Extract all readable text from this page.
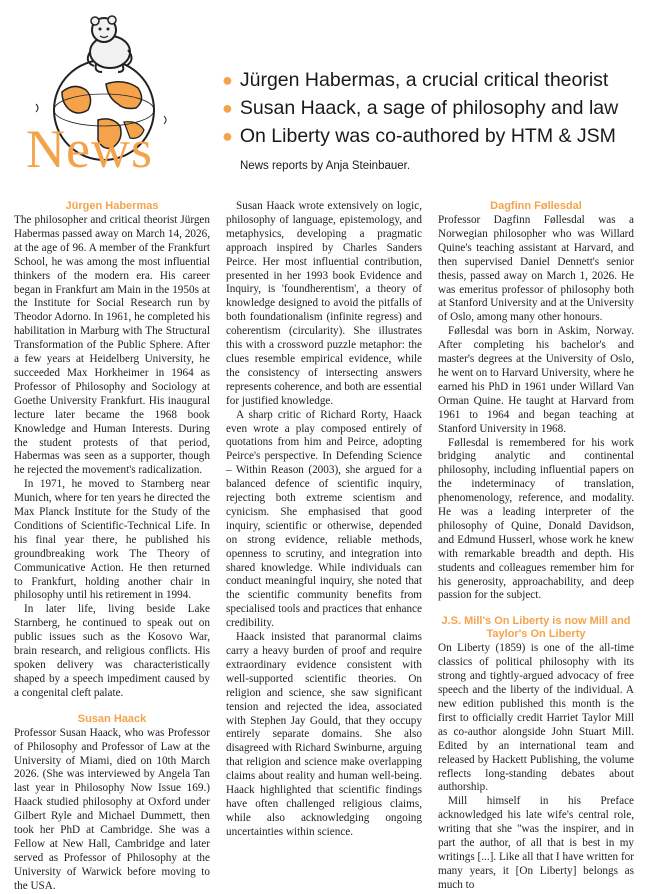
News
● Jürgen Habermas, a crucial critical theorist
● Susan Haack, a sage of philosophy and law
● On Liberty was co-authored by HTM & JSM
News reports by Anja Steinbauer.
Jürgen Habermas

The philosopher and critical theorist Jürgen Habermas passed away on March 14, 2026, at the age of 96. A member of the Frankfurt School, he was among the most influential thinkers of the modern era. His career began in Frankfurt am Main in the 1950s at the Institute for Social Research run by Theodor Adorno. In 1961, he completed his habilitation in Marburg with The Structural Transformation of the Public Sphere. After a few years at Heidelberg University, he succeeded Max Horkheimer in 1964 as Professor of Philosophy and Sociology at Goethe University Frankfurt. His inaugural lecture later became the 1968 book Knowledge and Human Interests. During the student protests of that period, Habermas was seen as a supporter, though he rejected the movement's radicalization.

In 1971, he moved to Starnberg near Munich, where for ten years he directed the Max Planck Institute for the Study of the Conditions of Scientific-Technical Life. In his final year there, he published his groundbreaking work The Theory of Communicative Action. He then returned to Frankfurt, holding another chair in philosophy until his retirement in 1994.

In later life, living beside Lake Starnberg, he continued to speak out on public issues such as the Kosovo War, brain research, and religious conflicts. His spoken delivery was characteristically shaped by a speech impediment caused by a congenital cleft palate.

Susan Haack

Professor Susan Haack, who was Professor of Philosophy and Professor of Law at the University of Miami, died on 10th March 2026. (She was interviewed by Angela Tan last year in Philosophy Now Issue 169.) Haack studied philosophy at Oxford under Gilbert Ryle and Michael Dummett, then took her PhD at Cambridge. She was a Fellow at New Hall, Cambridge and later served as Professor of Philosophy at the University of Warwick before moving to the USA.

Susan Haack wrote extensively on logic, philosophy of language, epistemology, and metaphysics, developing a pragmatic approach inspired by Charles Sanders Peirce. Her most influential contribution, presented in her 1993 book Evidence and Inquiry, is 'foundherentism', a theory of knowledge designed to avoid the pitfalls of both foundationalism (infinite regress) and coherentism (circularity). She illustrates this with a crossword puzzle metaphor: the clues resemble empirical evidence, while the consistency of intersecting answers represents coherence, and both are essential for justified knowledge.

A sharp critic of Richard Rorty, Haack even wrote a play composed entirely of quotations from him and Peirce, adopting Peirce's perspective. In Defending Science – Within Reason (2003), she argued for a balanced defence of scientific inquiry, rejecting both extreme scientism and cynicism. She emphasised that good inquiry, scientific or otherwise, depended on strong evidence, reliable methods, openness to scrutiny, and integration into shared knowledge. While individuals can conduct meaningful inquiry, she noted that the scientific community benefits from specialised tools and practices that enhance credibility.

Haack insisted that paranormal claims carry a heavy burden of proof and require extraordinary evidence consistent with well-supported scientific theories. On religion and science, she saw significant tension and rejected the idea, associated with Stephen Jay Gould, that they occupy entirely separate domains. She also disagreed with Richard Swinburne, arguing that religion and science make overlapping claims about reality and human well-being. Haack highlighted that scientific findings have often challenged religious claims, while also acknowledging ongoing uncertainties within science.

Dagfinn Føllesdal

Professor Dagfinn Føllesdal was a Norwegian philosopher who was Willard Quine's teaching assistant at Harvard, and then supervised Daniel Dennett's senior thesis, passed away on March 1, 2026. He was emeritus professor of philosophy both at Stanford University and at the University of Oslo, among many other honours.

Føllesdal was born in Askim, Norway. After completing his bachelor's and master's degrees at the University of Oslo, he went on to Harvard University, where he earned his PhD in 1961 under Willard Van Orman Quine. He taught at Harvard from 1961 to 1964 and began teaching at Stanford University in 1968.

Føllesdal is remembered for his work bridging analytic and continental philosophy, including influential papers on the indeterminacy of translation, phenomenology, reference, and modality. He was a leading interpreter of the philosophy of Quine, Donald Davidson, and Edmund Husserl, whose work he knew with remarkable breadth and depth. His students and colleagues remember him for his generosity, approachability, and deep passion for the subject.

J.S. Mill's On Liberty is now Mill and Taylor's On Liberty

On Liberty (1859) is one of the all-time classics of political philosophy with its strong and tightly-argued advocacy of free speech and the liberty of the individual. A new edition published this month is the first to officially credit Harriet Taylor Mill as co-author alongside John Stuart Mill. Edited by an international team and released by Hackett Publishing, the volume reflects long-standing debates about authorship.

Mill himself in his Preface acknowledged his late wife's central role, writing that she "was the inspirer, and in part the author, of all that is best in my writings [...]. Like all that I have written for many years, it [On Liberty] belongs as much to
